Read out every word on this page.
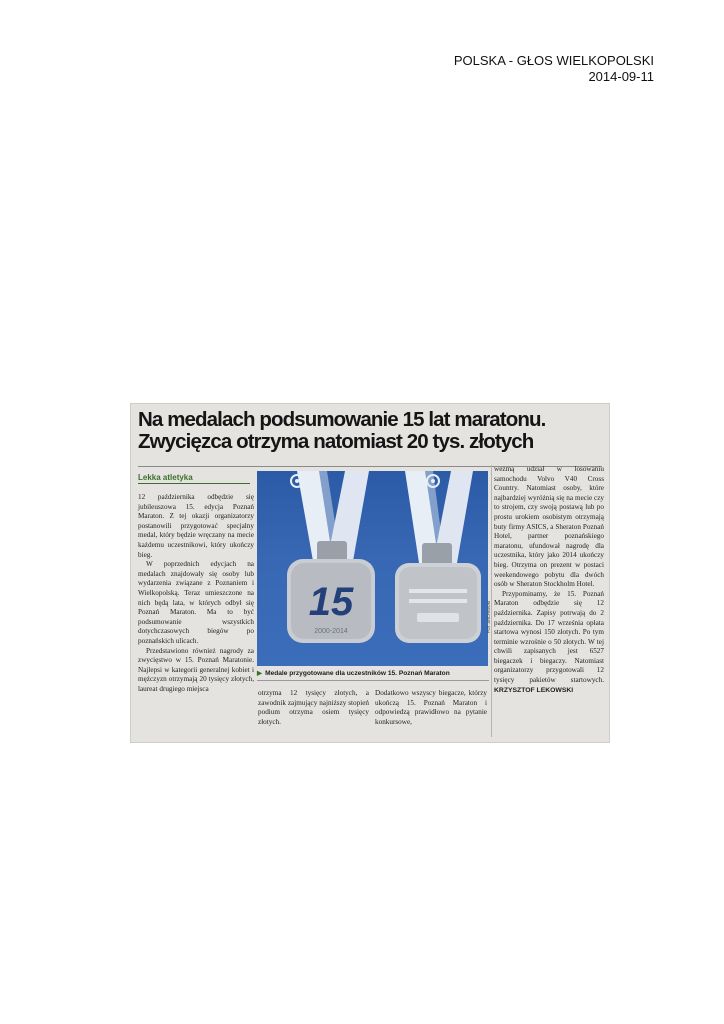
POLSKA - GŁOS WIELKOPOLSKI
2014-09-11
Na medalach podsumowanie 15 lat maratonu.
Zwycięzca otrzyma natomiast 20 tys. złotych
Lekka atletyka

12 października odbędzie się jubileuszowa 15. edycja Poznań Maraton. Z tej okazji organizatorzy postanowili przygotować specjalny medal, który będzie wręczany na mecie każdemu uczestnikowi, który ukończy bieg.

W poprzednich edycjach na medalach znajdowały się osoby lub wydarzenia związane z Poznaniem i Wielkopolską. Teraz umieszczone na nich będą lata, w których odbył się Poznań Maraton. Ma to być podsumowanie wszystkich dotychczasowych biegów po poznańskich ulicach.

Przedstawiono również nagrody za zwycięstwo w 15. Poznań Maratonie. Najlepsi w kategorii generalnej kobiet i mężczyzn otrzymają 20 tysięcy złotych, laureat drugiego miejsca

15
2000-2014	FOT. ARCHIWUM
▶ Medale przygotowane dla uczestników 15. Poznań Maraton

otrzyma 12 tysięcy złotych, a zawodnik zajmujący najniższy stopień podium otrzyma osiem tysięcy złotych.

Dodatkowo wszyscy biegacze, którzy ukończą 15. Poznań Maraton i odpowiedzą prawidłowo na pytanie konkursowe,

wezmą udział w losowaniu samochodu Volvo V40 Cross Country. Natomiast osoby, które najbardziej wyróżnią się na mecie czy to strojem, czy swoją postawą lub po prostu urokiem osobistym otrzymają buty firmy ASICS, a Sheraton Poznań Hotel, partner poznańskiego maratonu, ufundował nagrodę dla uczestnika, który jako 2014 ukończy bieg. Otrzyma on prezent w postaci weekendowego pobytu dla dwóch osób w Sheraton Stockholm Hotel.

Przypominamy, że 15. Poznań Maraton odbędzie się 12 października. Zapisy potrwają do 2 października. Do 17 września opłata startowa wynosi 150 złotych. Po tym terminie wzrośnie o 50 złotych. W tej chwili zapisanych jest 6527 biegaczek i biegaczy. Natomiast organizatorzy przygotowali 12 tysięcy pakietów startowych. KRZYSZTOF LEKOWSKI
